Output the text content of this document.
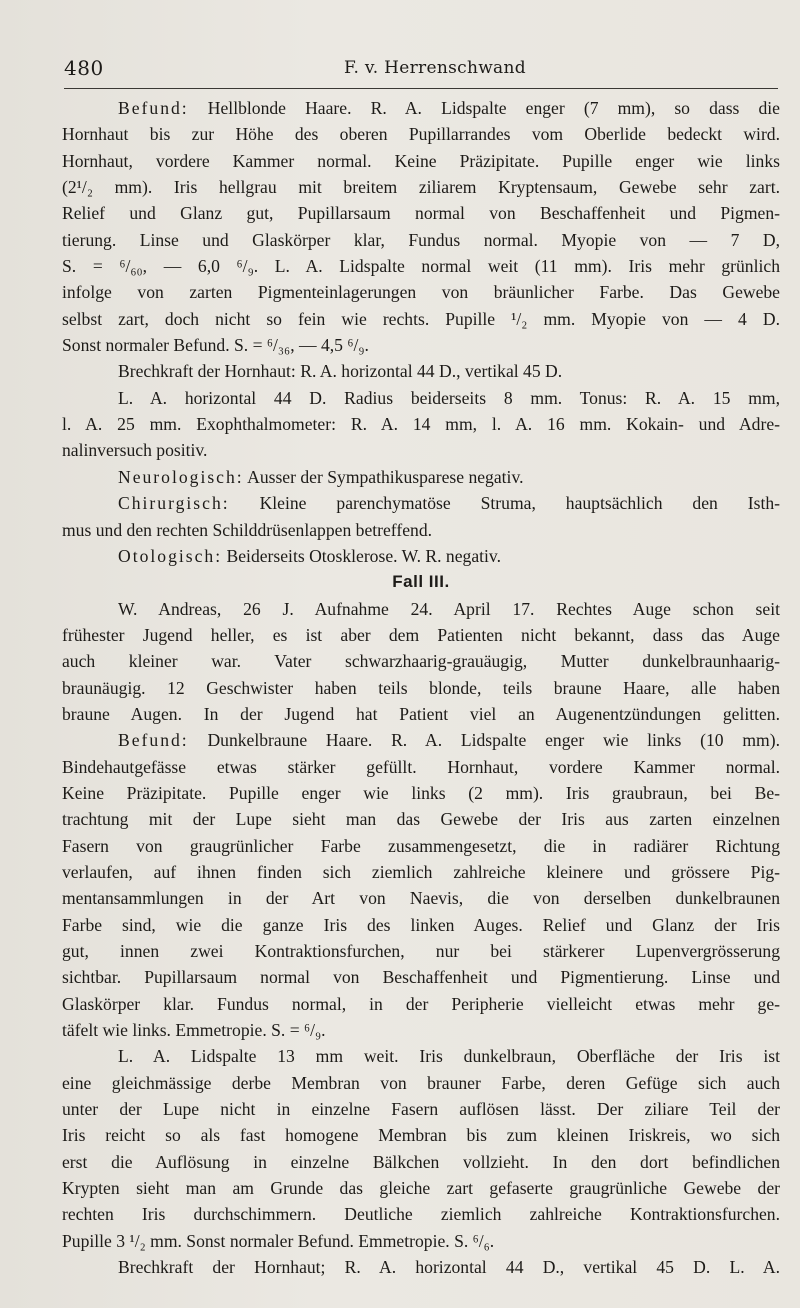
480	F. v. Herrenschwand
Befund: Hellblonde Haare. R. A. Lidspalte enger (7 mm), so dass die
Hornhaut bis zur Höhe des oberen Pupillarrandes vom Oberlide bedeckt wird.
Hornhaut, vordere Kammer normal. Keine Präzipitate. Pupille enger wie links
(2¹/₂ mm). Iris hellgrau mit breitem ziliarem Kryptensaum, Gewebe sehr zart.
Relief und Glanz gut, Pupillarsaum normal von Beschaffenheit und Pigmen-
tierung. Linse und Glaskörper klar, Fundus normal. Myopie von — 7 D,
S. = ⁶/₆₀, — 6,0 ⁶/₉. L. A. Lidspalte normal weit (11 mm). Iris mehr grünlich
infolge von zarten Pigmenteinlagerungen von bräunlicher Farbe. Das Gewebe
selbst zart, doch nicht so fein wie rechts. Pupille ¹/₂ mm. Myopie von — 4 D.
Sonst normaler Befund. S. = ⁶/₃₆, — 4,5 ⁶/₉.
Brechkraft der Hornhaut: R. A. horizontal 44 D., vertikal 45 D.
L. A. horizontal 44 D. Radius beiderseits 8 mm. Tonus: R. A. 15 mm,
l. A. 25 mm. Exophthalmometer: R. A. 14 mm, l. A. 16 mm. Kokain- und Adre-
nalinversuch positiv.
Neurologisch: Ausser der Sympathikusparese negativ.
Chirurgisch: Kleine parenchymatöse Struma, hauptsächlich den Isth-
mus und den rechten Schilddrüsenlappen betreffend.
Otologisch: Beiderseits Otosklerose. W. R. negativ.
Fall III.
W. Andreas, 26 J. Aufnahme 24. April 17. Rechtes Auge schon seit
frühester Jugend heller, es ist aber dem Patienten nicht bekannt, dass das Auge
auch kleiner war. Vater schwarzhaarig-grauäugig, Mutter dunkelbraunhaarig-
braunäugig. 12 Geschwister haben teils blonde, teils braune Haare, alle haben
braune Augen. In der Jugend hat Patient viel an Augenentzündungen gelitten.
Befund: Dunkelbraune Haare. R. A. Lidspalte enger wie links (10 mm).
Bindehautgefässe etwas stärker gefüllt. Hornhaut, vordere Kammer normal.
Keine Präzipitate. Pupille enger wie links (2 mm). Iris graubraun, bei Be-
trachtung mit der Lupe sieht man das Gewebe der Iris aus zarten einzelnen
Fasern von graugrünlicher Farbe zusammengesetzt, die in radiärer Richtung
verlaufen, auf ihnen finden sich ziemlich zahlreiche kleinere und grössere Pig-
mentansammlungen in der Art von Naevis, die von derselben dunkelbraunen
Farbe sind, wie die ganze Iris des linken Auges. Relief und Glanz der Iris
gut, innen zwei Kontraktionsfurchen, nur bei stärkerer Lupenvergrösserung
sichtbar. Pupillarsaum normal von Beschaffenheit und Pigmentierung. Linse und
Glaskörper klar. Fundus normal, in der Peripherie vielleicht etwas mehr ge-
täfelt wie links. Emmetropie. S. = ⁶/₉.
L. A. Lidspalte 13 mm weit. Iris dunkelbraun, Oberfläche der Iris ist
eine gleichmässige derbe Membran von brauner Farbe, deren Gefüge sich auch
unter der Lupe nicht in einzelne Fasern auflösen lässt. Der ziliare Teil der
Iris reicht so als fast homogene Membran bis zum kleinen Iriskreis, wo sich
erst die Auflösung in einzelne Bälkchen vollzieht. In den dort befindlichen
Krypten sieht man am Grunde das gleiche zart gefaserte graugrünliche Gewebe der
rechten Iris durchschimmern. Deutliche ziemlich zahlreiche Kontraktionsfurchen.
Pupille 3 ¹/₂ mm. Sonst normaler Befund. Emmetropie. S. ⁶/₆.
Brechkraft der Hornhaut; R. A. horizontal 44 D., vertikal 45 D. L. A.
